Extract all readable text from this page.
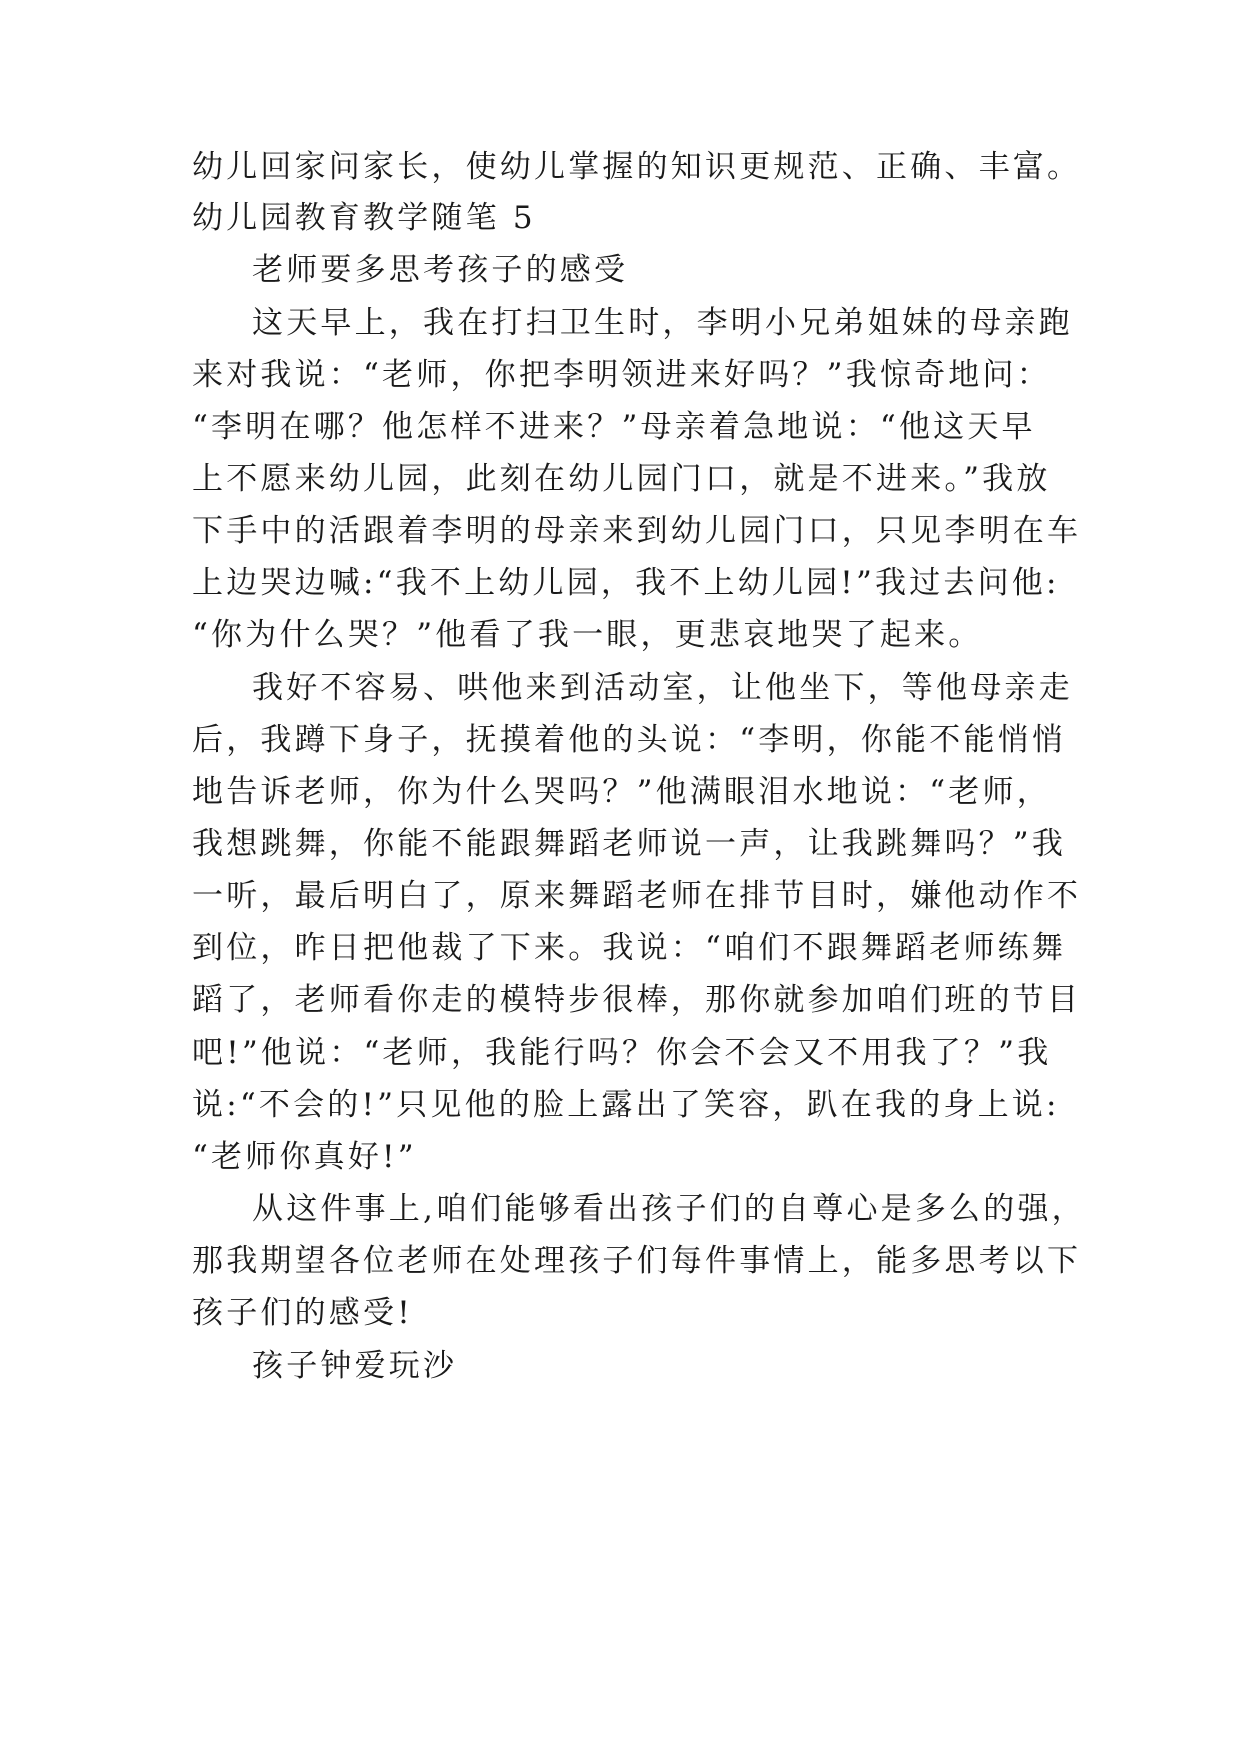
幼儿回家问家长，使幼儿掌握的知识更规范、正确、丰富。
幼儿园教育教学随笔 5
老师要多思考孩子的感受
这天早上，我在打扫卫生时，李明小兄弟姐妹的母亲跑
来对我说：“老师，你把李明领进来好吗？”我惊奇地问：
“李明在哪？他怎样不进来？”母亲着急地说：“他这天早
上不愿来幼儿园，此刻在幼儿园门口，就是不进来。”我放
下手中的活跟着李明的母亲来到幼儿园门口，只见李明在车
上边哭边喊:“我不上幼儿园，我不上幼儿园!”我过去问他:
“你为什么哭？”他看了我一眼，更悲哀地哭了起来。
我好不容易、哄他来到活动室，让他坐下，等他母亲走
后，我蹲下身子，抚摸着他的头说：“李明，你能不能悄悄
地告诉老师，你为什么哭吗？”他满眼泪水地说：“老师，
我想跳舞，你能不能跟舞蹈老师说一声，让我跳舞吗？”我
一听，最后明白了，原来舞蹈老师在排节目时，嫌他动作不
到位，昨日把他裁了下来。我说：“咱们不跟舞蹈老师练舞
蹈了，老师看你走的模特步很棒，那你就参加咱们班的节目
吧!”他说：“老师，我能行吗？你会不会又不用我了？”我
说:“不会的!”只见他的脸上露出了笑容，趴在我的身上说:
“老师你真好!”
从这件事上,咱们能够看出孩子们的自尊心是多么的强，
那我期望各位老师在处理孩子们每件事情上，能多思考以下
孩子们的感受!
孩子钟爱玩沙
